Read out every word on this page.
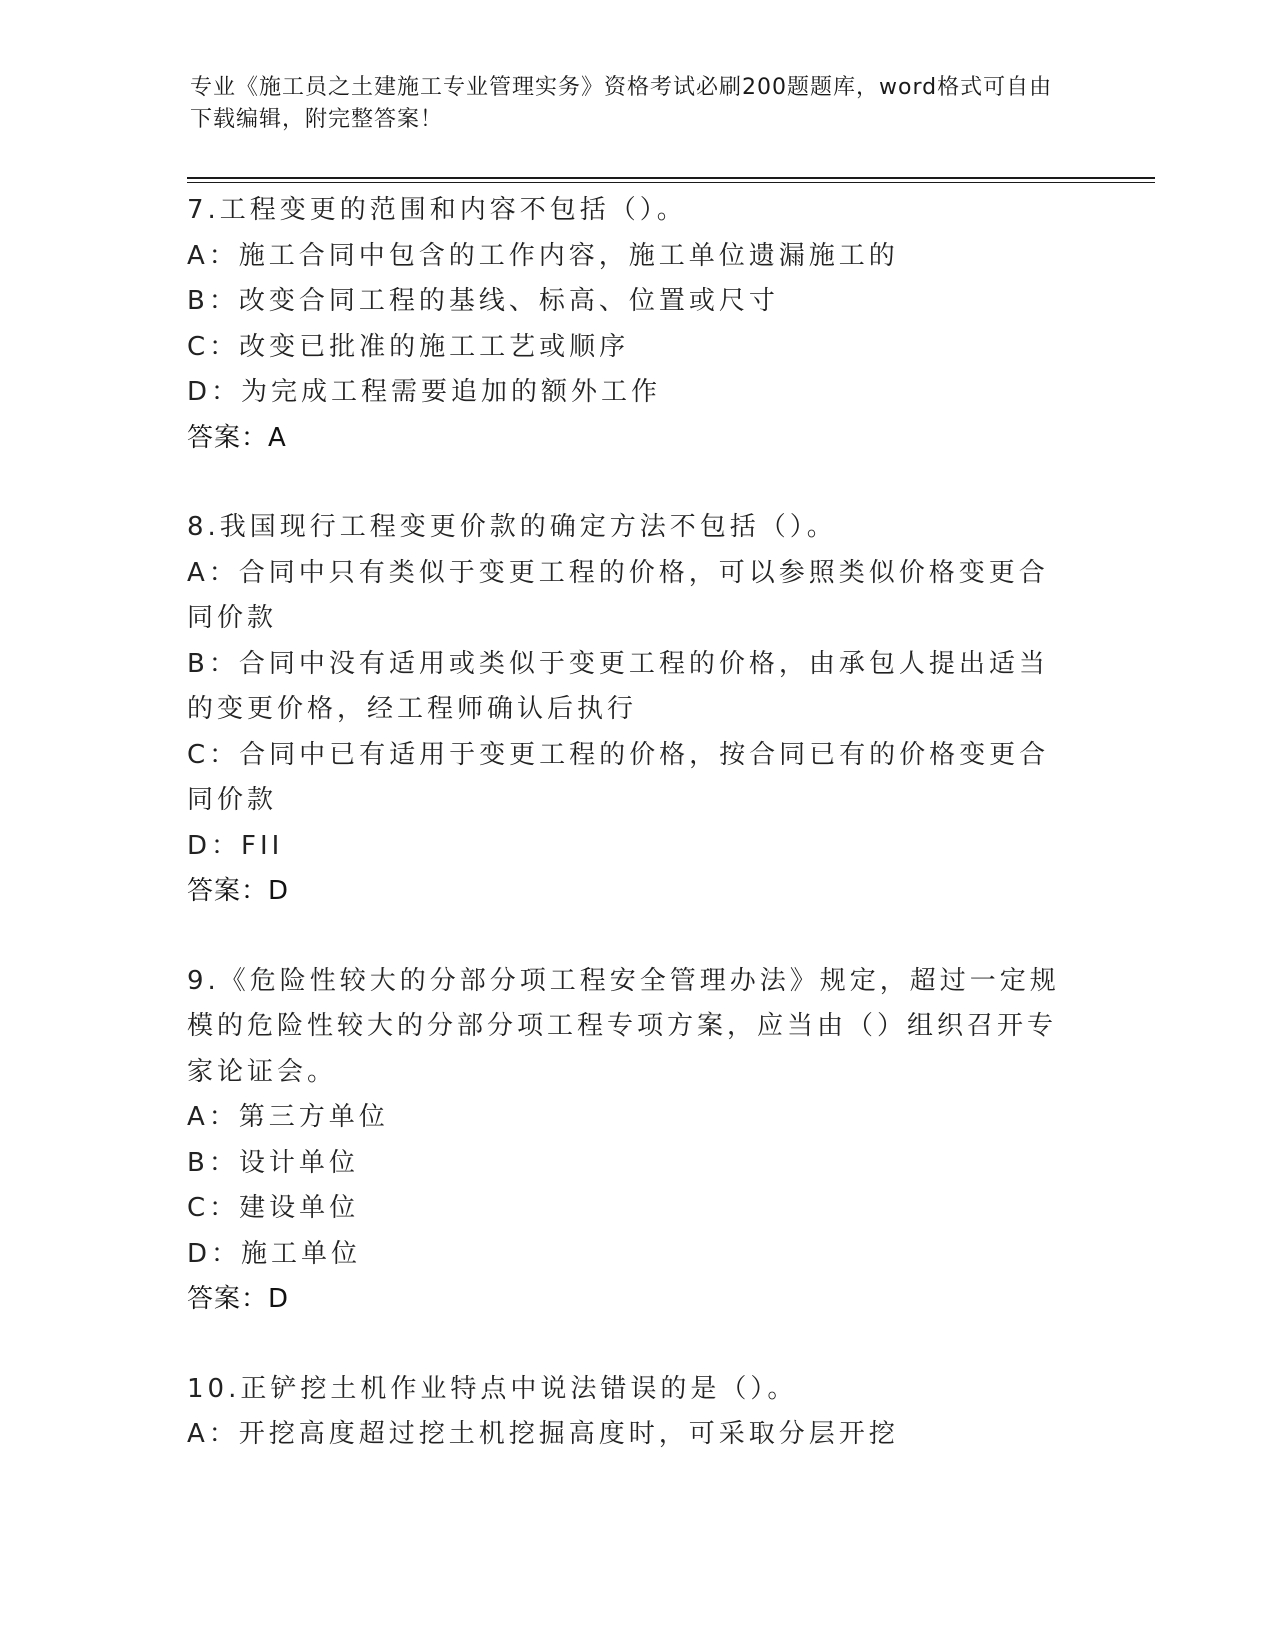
专业《施工员之土建施工专业管理实务》资格考试必刷200题题库，word格式可自由下载编辑，附完整答案！
7.工程变更的范围和内容不包括（）。
A：施工合同中包含的工作内容，施工单位遗漏施工的
B：改变合同工程的基线、标高、位置或尺寸
C：改变已批准的施工工艺或顺序
D：为完成工程需要追加的额外工作
答案：A
8.我国现行工程变更价款的确定方法不包括（）。
A：合同中只有类似于变更工程的价格，可以参照类似价格变更合同价款
B：合同中没有适用或类似于变更工程的价格，由承包人提出适当的变更价格，经工程师确认后执行
C：合同中已有适用于变更工程的价格，按合同已有的价格变更合同价款
D：FII
答案：D
9.《危险性较大的分部分项工程安全管理办法》规定，超过一定规模的危险性较大的分部分项工程专项方案，应当由（）组织召开专家论证会。
A：第三方单位
B：设计单位
C：建设单位
D：施工单位
答案：D
10.正铲挖土机作业特点中说法错误的是（）。
A：开挖高度超过挖土机挖掘高度时，可采取分层开挖
